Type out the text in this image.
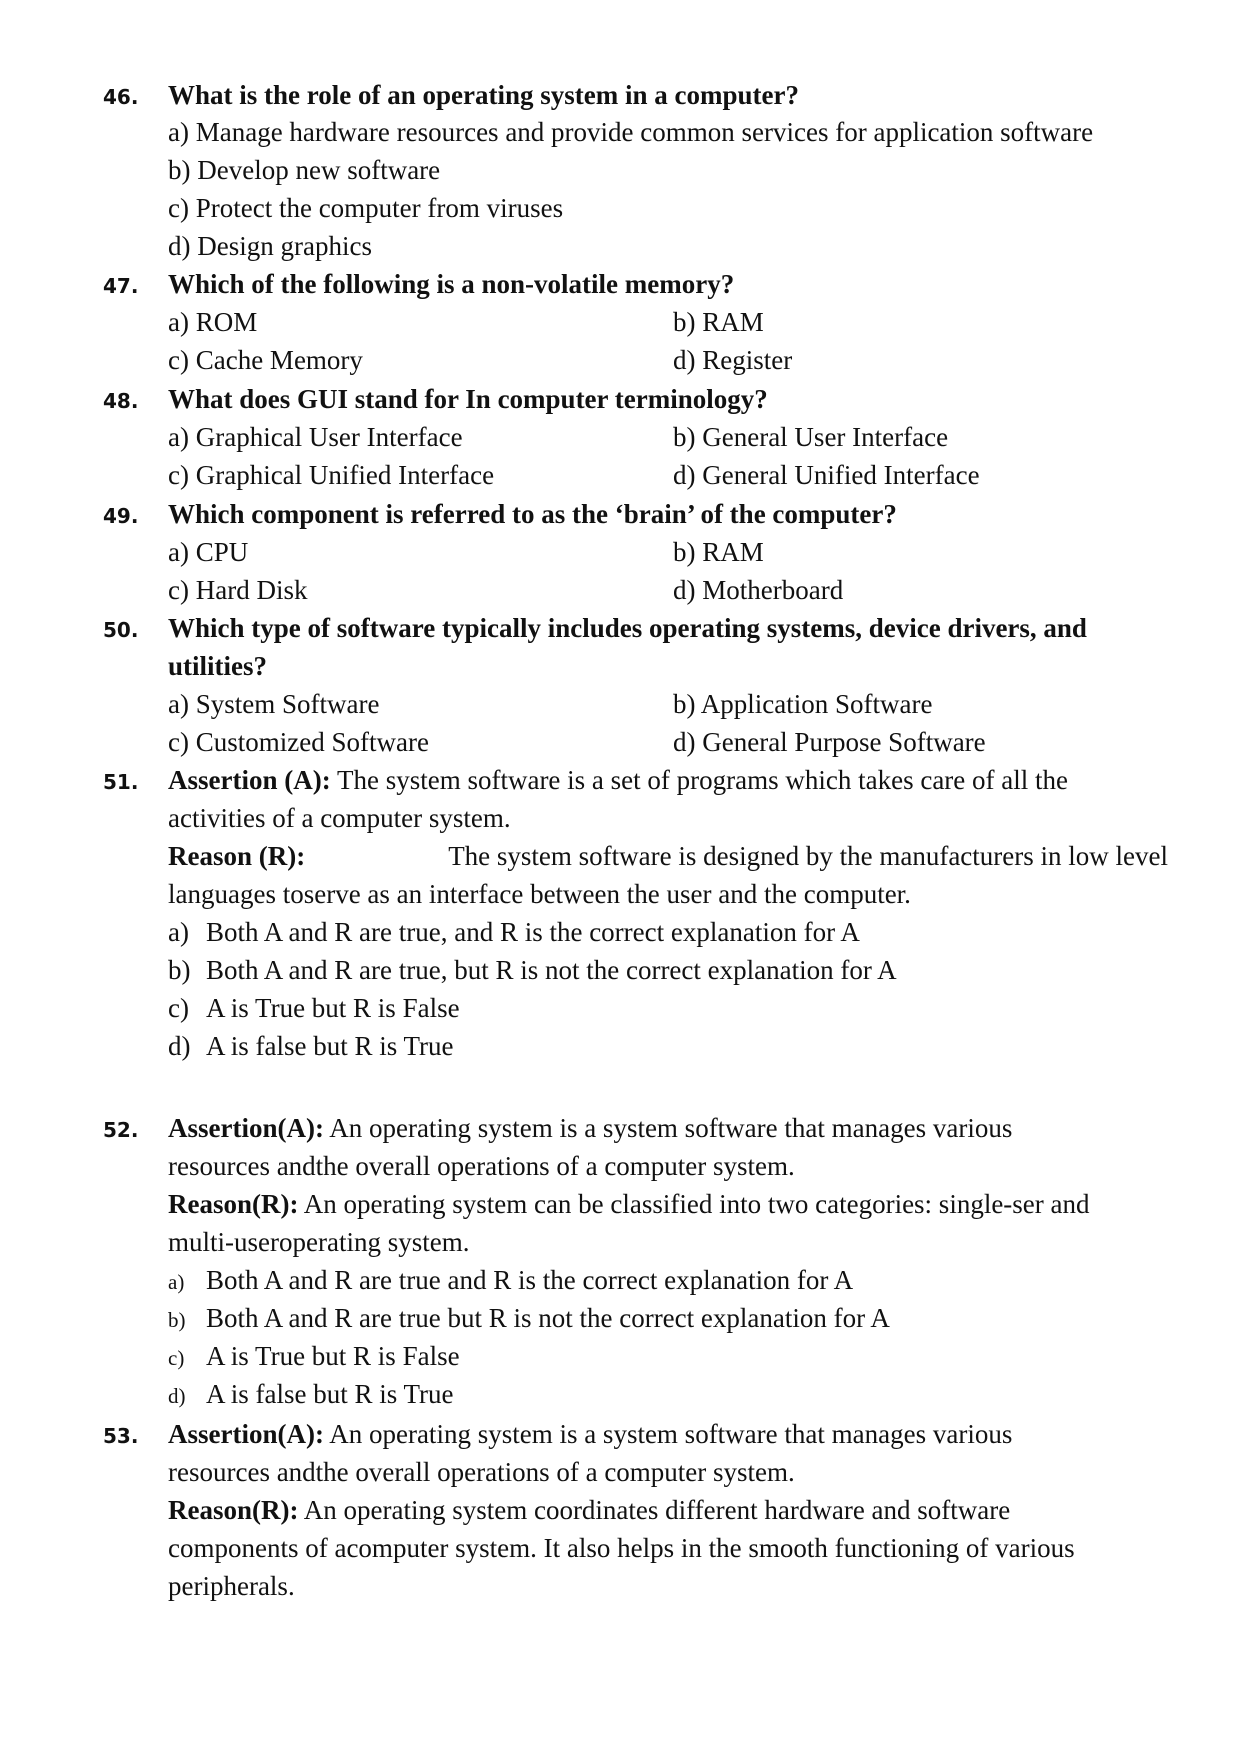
46. What is the role of an operating system in a computer?
a) Manage hardware resources and provide common services for application software
b) Develop new software
c) Protect the computer from viruses
d) Design graphics
47. Which of the following is a non-volatile memory?
a) ROM	b) RAM
c) Cache Memory	d) Register
48. What does GUI stand for In computer terminology?
a) Graphical User Interface	b) General User Interface
c) Graphical Unified Interface	d) General Unified Interface
49. Which component is referred to as the ‘brain’ of the computer?
a) CPU	b) RAM
c) Hard Disk	d) Motherboard
50. Which type of software typically includes operating systems, device drivers, and
utilities?
a) System Software	b) Application Software
c) Customized Software	d) General Purpose Software
51. Assertion (A): The system software is a set of programs which takes care of all the
activities of a computer system.
Reason (R):	The system software is designed by the manufacturers in low level
languages toserve as an interface between the user and the computer.
a) Both A and R are true, and R is the correct explanation for A
b) Both A and R are true, but R is not the correct explanation for A
c) A is True but R is False
d) A is false but R is True
52. Assertion(A): An operating system is a system software that manages various
resources andthe overall operations of a computer system.
Reason(R): An operating system can be classified into two categories: single-ser and
multi-useroperating system.
a) Both A and R are true and R is the correct explanation for A
b) Both A and R are true but R is not the correct explanation for A
c) A is True but R is False
d) A is false but R is True
53. Assertion(A): An operating system is a system software that manages various
resources andthe overall operations of a computer system.
Reason(R): An operating system coordinates different hardware and software
components of acomputer system. It also helps in the smooth functioning of various
peripherals.
